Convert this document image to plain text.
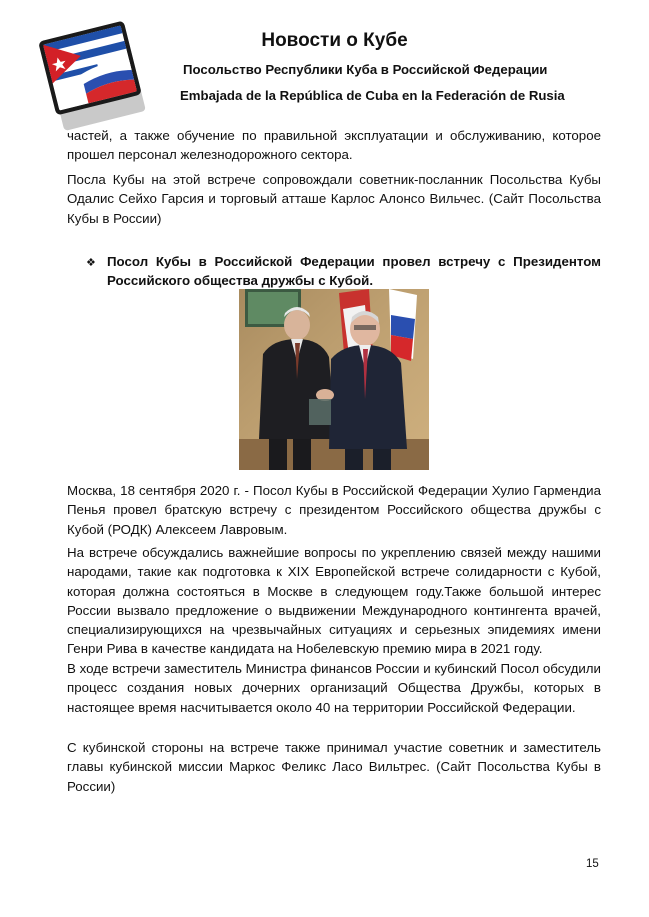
Новости о Кубе
Посольство Республики Куба в Российской Федерации
Embajada de la República de Cuba en la Federación de Rusia

частей, а также обучение по правильной эксплуатации и обслуживанию, которое прошел персонал железнодорожного сектора.

Посла Кубы на этой встрече сопровождали советник-посланник Посольства Кубы Одалис Сейхо Гарсия и торговый атташе Карлос Алонсо Вильчес. (Сайт Посольства Кубы в России)

❖ Посол Кубы в Российской Федерации провел встречу с Президентом Российского общества дружбы с Кубой.

Москва, 18 сентября 2020 г. - Посол Кубы в Российской Федерации Хулио Гармендиа Пенья провел братскую встречу с президентом Российского общества дружбы с Кубой (РОДК) Алексеем Лавровым.

На встрече обсуждались важнейшие вопросы по укреплению связей между нашими народами, такие как подготовка к XIX Европейской встрече солидарности с Кубой, которая должна состояться в Москве в следующем году.Также большой интерес России вызвало предложение о выдвижении Международного контингента врачей, специализирующихся на чрезвычайных ситуациях и серьезных эпидемиях имени Генри Рива в качестве кандидата на Нобелевскую премию мира в 2021 году.

В ходе встречи заместитель Министра финансов России и кубинский Посол обсудили процесс создания новых дочерних организаций Общества Дружбы, которых в настоящее время насчитывается около 40 на территории Российской Федерации.

С кубинской стороны на встрече также принимал участие советник и заместитель главы кубинской миссии Маркос Феликс Ласо Вильтрес. (Сайт Посольства Кубы в России)

15
